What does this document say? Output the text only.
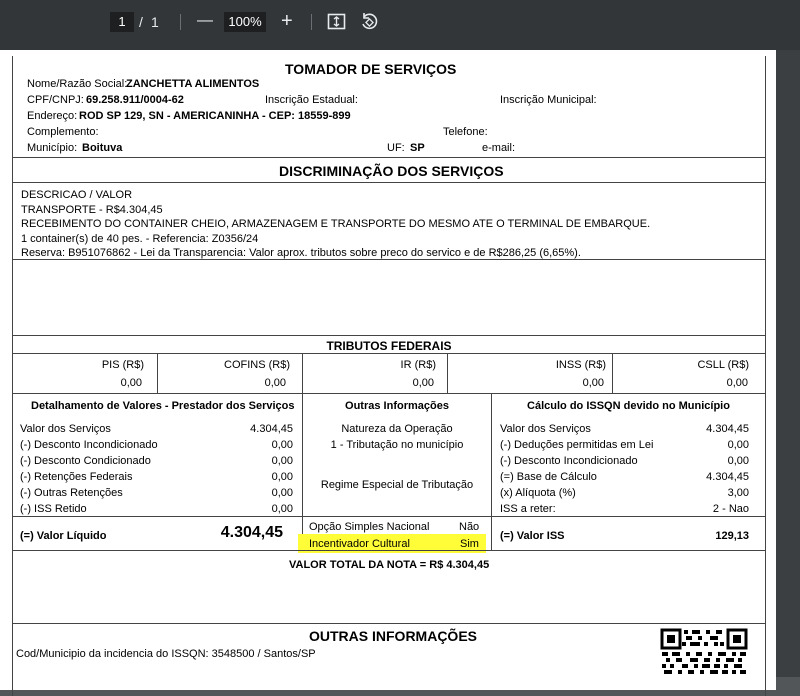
1 / 1 —	100% +
TOMADOR DE SERVIÇOS
Nome/Razão Social:
ZANCHETTA ALIMENTOS
CPF/CNPJ: 69.258.911/0004-62	Inscrição Estadual:	Inscrição Municipal:
Endereço: ROD SP 129, SN - AMERICANINHA - CEP: 18559-899
Complemento:	Telefone:
Município: Boituva	UF: SP	e-mail:
DISCRIMINAÇÃO DOS SERVIÇOS
DESCRICAO / VALOR
TRANSPORTE - R$4.304,45
RECEBIMENTO DO CONTAINER CHEIO, ARMAZENAGEM E TRANSPORTE DO MESMO ATE O TERMINAL DE EMBARQUE.
1 container(s) de 40 pes. - Referencia: Z0356/24
Reserva: B951076862 - Lei da Transparencia: Valor aprox. tributos sobre preco do servico e de R$286,25 (6,65%).
TRIBUTOS FEDERAIS
PIS (R$)	COFINS (R$)	IR (R$)	INSS (R$)	CSLL (R$)
0,00	0,00	0,00	0,00	0,00
Detalhamento de Valores - Prestador dos Serviços
Valor dos Serviços	4.304,45
(-) Desconto Incondicionado	0,00
(-) Desconto Condicionado	0,00
(-) Retenções Federais	0,00
(-) Outras Retenções	0,00
(-) ISS Retido	0,00
(=) Valor Líquido	4.304,45
Outras Informações
Natureza da Operação
1 - Tributação no município
Regime Especial de Tributação
Opção Simples Nacional	Não
Incentivador Cultural	Sim
Cálculo do ISSQN devido no Município
Valor dos Serviços	4.304,45
(-) Deduções permitidas em Lei	0,00
(-) Desconto Incondicionado	0,00
(=) Base de Cálculo	4.304,45
(x) Alíquota (%)	3,00
ISS a reter:	2 - Nao
(=) Valor ISS	129,13
VALOR TOTAL DA NOTA = R$ 4.304,45
OUTRAS INFORMAÇÕES
Cod/Municipio da incidencia do ISSQN: 3548500 / Santos/SP
